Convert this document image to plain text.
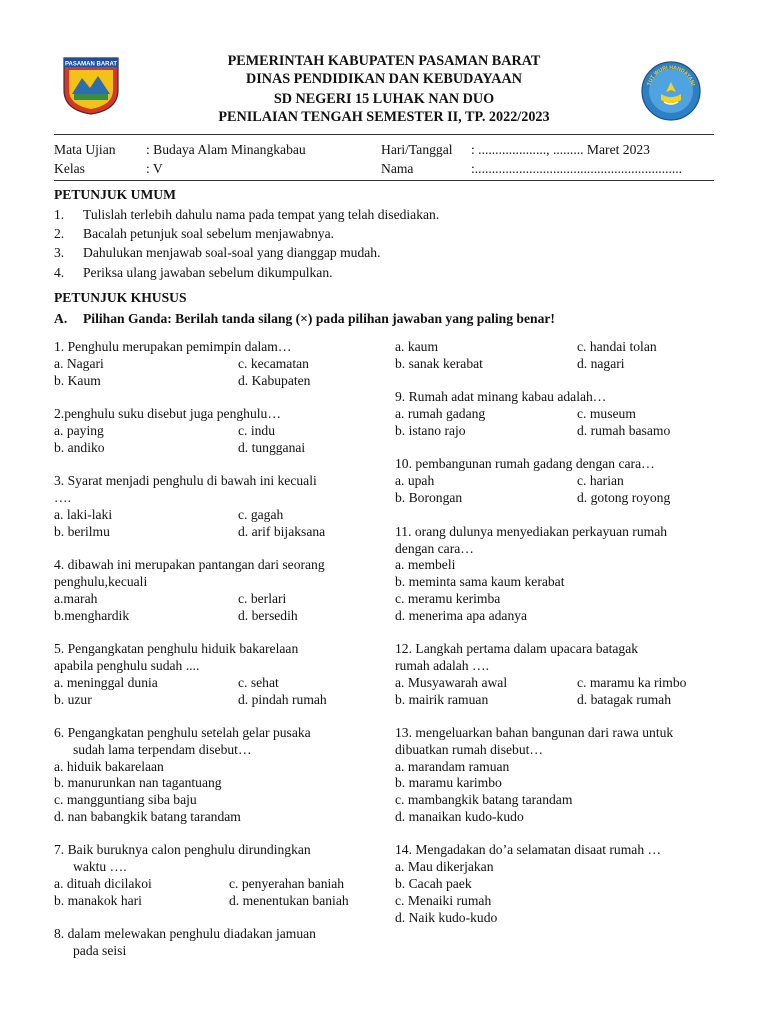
PASAMAN BARAT
TUT WURI HANDAYANI
PEMERINTAH KABUPATEN PASAMAN BARAT
DINAS PENDIDIKAN DAN KEBUDAYAAN
SD NEGERI 15 LUHAK NAN DUO
PENILAIAN TENGAH SEMESTER II, TP. 2022/2023
Mata Ujian : Budaya Alam Minangkabau	Hari/Tanggal : ...................., ......... Maret 2023
Kelas	: V	Nama	:.............................................................
PETUNJUK UMUM
1. Tulislah terlebih dahulu nama pada tempat yang telah disediakan.
2. Bacalah petunjuk soal sebelum menjawabnya.
3. Dahulukan menjawab soal-soal yang dianggap mudah.
4. Periksa ulang jawaban sebelum dikumpulkan.
PETUNJUK KHUSUS
A. Pilihan Ganda: Berilah tanda silang (×) pada pilihan jawaban yang paling benar!
1. Penghulu merupakan pemimpin dalam…
a. Nagari	c. kecamatan
b. Kaum	d. Kabupaten
2.penghulu suku disebut juga penghulu…
a. paying	c. indu
b. andiko	d. tungganai
3. Syarat menjadi penghulu di bawah ini kecuali
….
a. laki-laki	c. gagah
b. berilmu	d. arif bijaksana
4. dibawah ini merupakan pantangan dari seorang
penghulu,kecuali
a.marah	c. berlari
b.menghardik	d. bersedih
5. Pengangkatan penghulu hiduik bakarelaan
apabila penghulu sudah ....
a. meninggal dunia	c. sehat
b. uzur	d. pindah rumah
6. Pengangkatan penghulu setelah gelar pusaka
sudah lama terpendam disebut…
a. hiduik bakarelaan
b. manurunkan nan tagantuang
c. mangguntiang siba baju
d. nan babangkik batang tarandam
7. Baik buruknya calon penghulu dirundingkan
waktu ….
a. dituah dicilakoi	c. penyerahan baniah
b. manakok hari	d. menentukan baniah
8. dalam melewakan penghulu diadakan jamuan
pada seisi
a. kaum	c. handai tolan
b. sanak kerabat	d. nagari
9. Rumah adat minang kabau adalah…
a. rumah gadang	c. museum
b. istano rajo	d. rumah basamo
10. pembangunan rumah gadang dengan cara…
a. upah	c. harian
b. Borongan	d. gotong royong
11. orang dulunya menyediakan perkayuan rumah
dengan cara…
a. membeli
b. meminta sama kaum kerabat
c. meramu kerimba
d. menerima apa adanya
12. Langkah pertama dalam upacara batagak
rumah adalah ….
a. Musyawarah awal	c. maramu ka rimbo
b. mairik ramuan	d. batagak rumah
13. mengeluarkan bahan bangunan dari rawa untuk
dibuatkan rumah disebut…
a. marandam ramuan
b. maramu karimbo
c. mambangkik batang tarandam
d. manaikan kudo-kudo
14. Mengadakan do’a selamatan disaat rumah …
a. Mau dikerjakan
b. Cacah paek
c. Menaiki rumah
d. Naik kudo-kudo
